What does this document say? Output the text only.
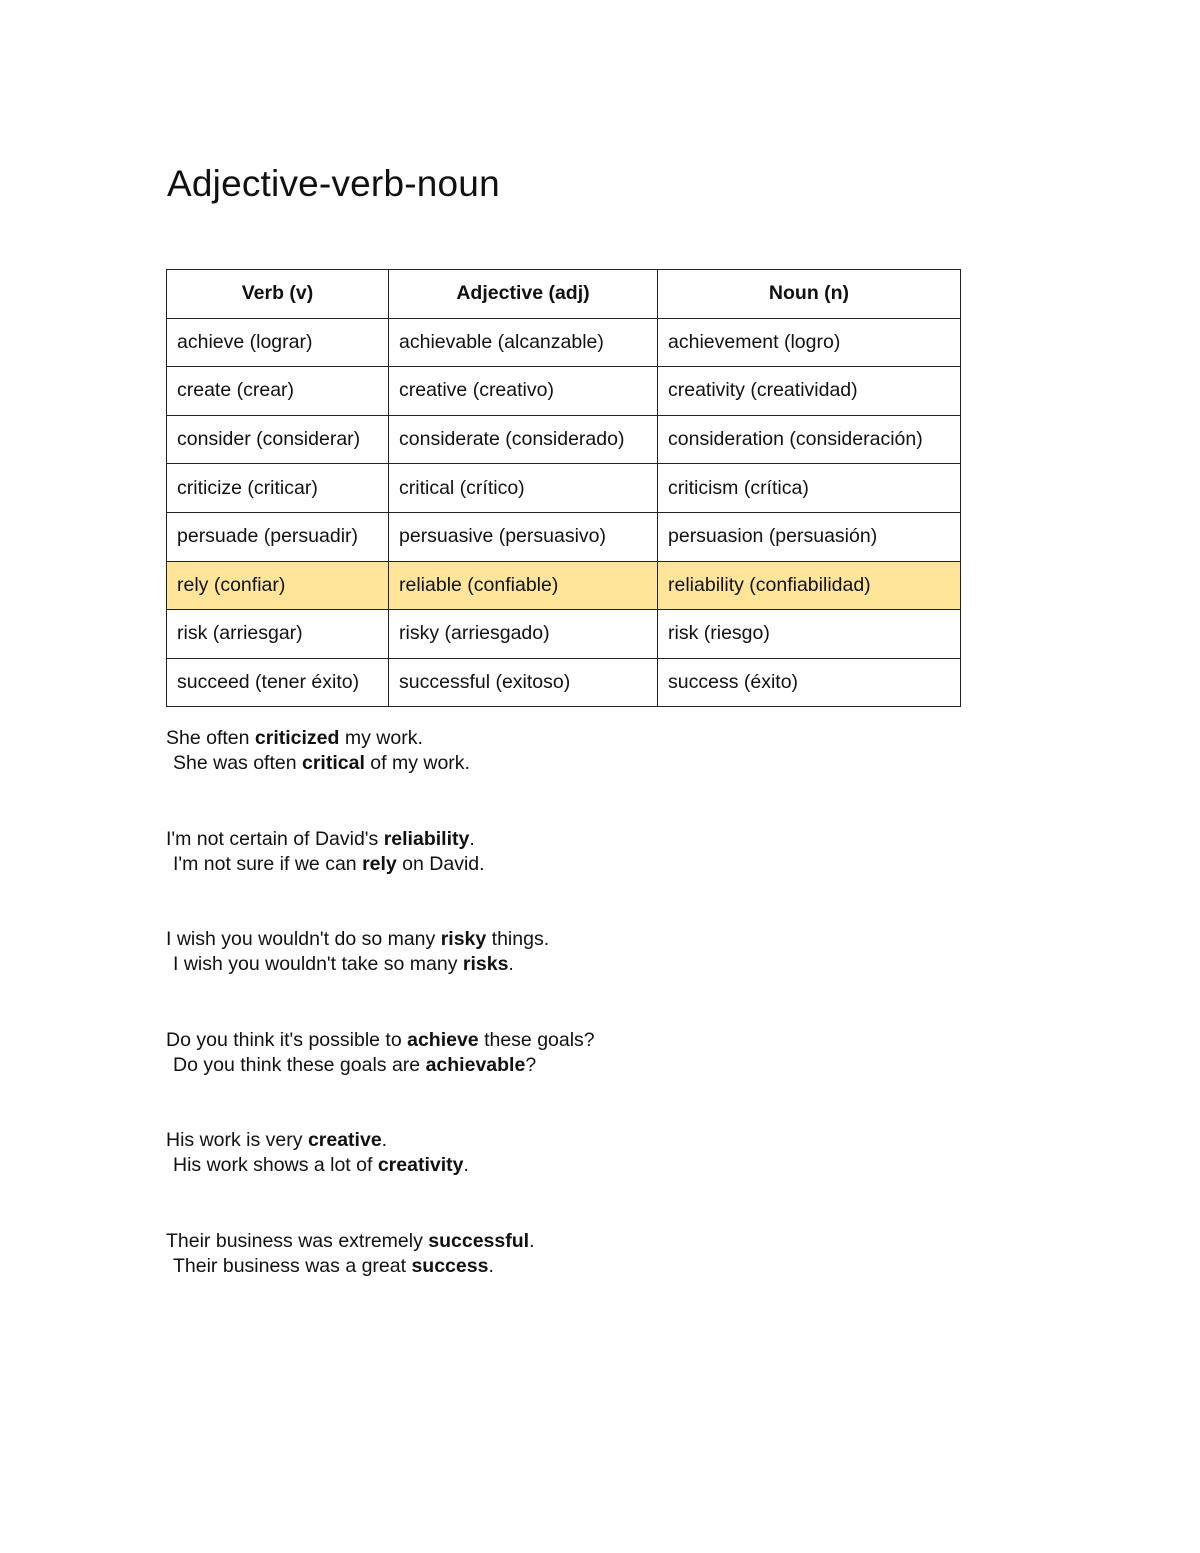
Adjective-verb-noun
Verb (v)	Adjective (adj)	Noun (n)
achieve (lograr)	achievable (alcanzable)	achievement (logro)
create (crear)	creative (creativo)	creativity (creatividad)
consider (considerar)	considerate (considerado)	consideration (consideración)
criticize (criticar)	critical (crítico)	criticism (crítica)
persuade (persuadir)	persuasive (persuasivo)	persuasion (persuasión)
rely (confiar)	reliable (confiable)	reliability (confiabilidad)
risk (arriesgar)	risky (arriesgado)	risk (riesgo)
succeed (tener éxito)	successful (exitoso)	success (éxito)
She often criticized my work.
She was often critical of my work.
I'm not certain of David's reliability.
I'm not sure if we can rely on David.
I wish you wouldn't do so many risky things.
I wish you wouldn't take so many risks.
Do you think it's possible to achieve these goals?
Do you think these goals are achievable?
His work is very creative.
His work shows a lot of creativity.
Their business was extremely successful.
Their business was a great success.
